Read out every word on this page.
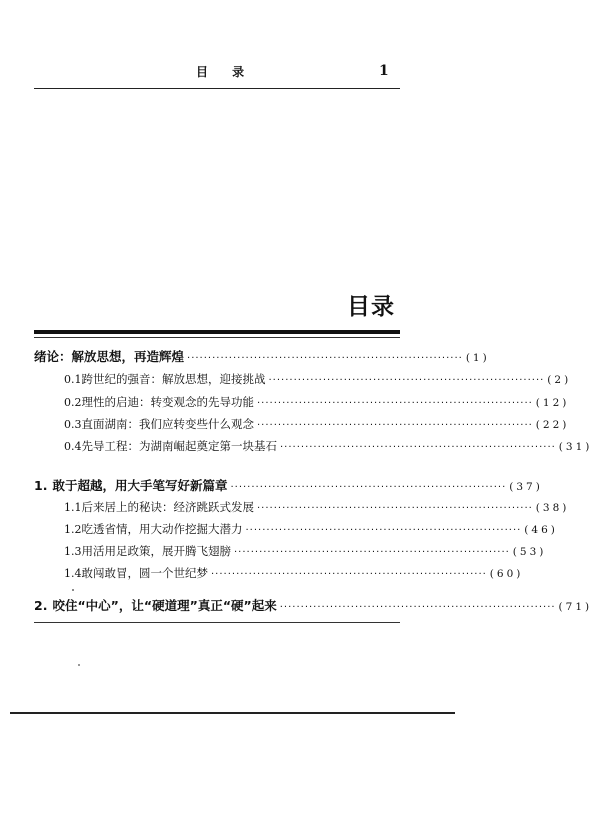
目 录	1
目录
绪论：解放思想，再造辉煌 ·································································· (1)
0.1 跨世纪的强音：解放思想，迎接挑战 ·································································· (2)
0.2 理性的启迪：转变观念的先导功能 ·································································· (12)
0.3 直面湖南：我们应转变些什么观念 ·································································· (22)
0.4 先导工程：为湖南崛起奠定第一块基石 ·································································· (31)
1. 敢于超越，用大手笔写好新篇章 ·································································· (37)
1.1 后来居上的秘诀：经济跳跃式发展 ·································································· (38)
1.2 吃透省情，用大动作挖掘大潜力 ·································································· (46)
1.3 用活用足政策，展开腾飞翅膀 ·································································· (53)
1.4 敢闯敢冒，圆一个世纪梦 ·································································· (60)
2. 咬住“中心”，让“硬道理”真正“硬”起来 ·································································· (71)
